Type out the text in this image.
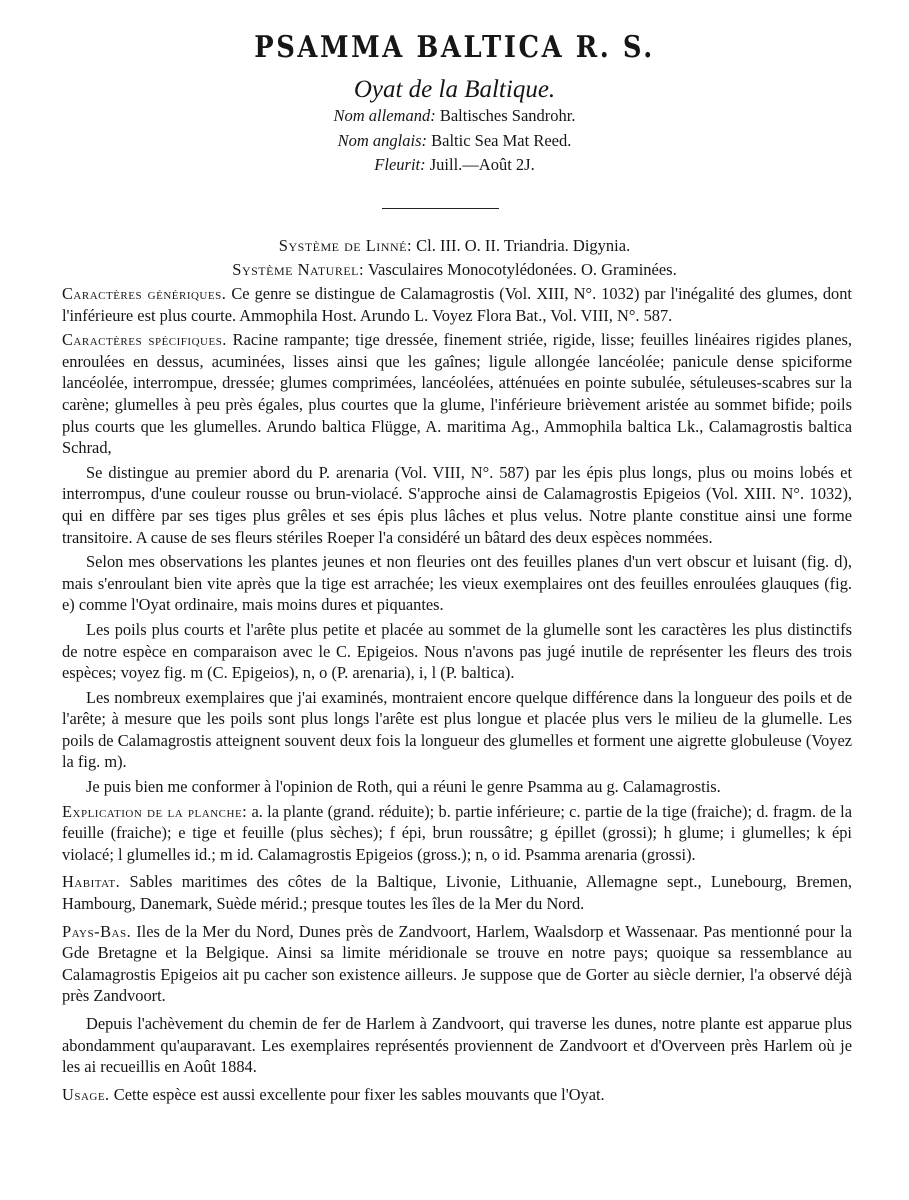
PSAMMA BALTICA R. S.
Oyat de la Baltique.
Nom allemand: Baltisches Sandrohr.
Nom anglais: Baltic Sea Mat Reed.
Fleurit: Juill.—Août 2J.
Système de Linné: Cl. III. O. II. Triandria. Digynia.
Système Naturel: Vasculaires Monocotylédonées. O. Graminées.

Caractères génériques. Ce genre se distingue de Calamagrostis (Vol. XIII, N°. 1032) par l'inégalité des glumes, dont l'inférieure est plus courte. Ammophila Host. Arundo L. Voyez Flora Bat., Vol. VIII, N°. 587.

Caractères spécifiques. Racine rampante; tige dressée, finement striée, rigide, lisse; feuilles linéaires rigides planes, enroulées en dessus, acuminées, lisses ainsi que les gaînes; ligule allongée lancéolée; panicule dense spiciforme lancéolée, interrompue, dressée; glumes comprimées, lancéolées, atténuées en pointe subulée, sétuleuses-scabres sur la carène; glumelles à peu près égales, plus courtes que la glume, l'inférieure brièvement aristée au sommet bifide; poils plus courts que les glumelles. Arundo baltica Flügge, A. maritima Ag., Ammophila baltica Lk., Calamagrostis baltica Schrad,

Se distingue au premier abord du P. arenaria (Vol. VIII, N°. 587) par les épis plus longs, plus ou moins lobés et interrompus, d'une couleur rousse ou brun-violacé. S'approche ainsi de Calamagrostis Epigeios (Vol. XIII. N°. 1032), qui en diffère par ses tiges plus grêles et ses épis plus lâches et plus velus. Notre plante constitue ainsi une forme transitoire. A cause de ses fleurs stériles Roeper l'a considéré un bâtard des deux espèces nommées.

Selon mes observations les plantes jeunes et non fleuries ont des feuilles planes d'un vert obscur et luisant (fig. d), mais s'enroulant bien vite après que la tige est arrachée; les vieux exemplaires ont des feuilles enroulées glauques (fig. e) comme l'Oyat ordinaire, mais moins dures et piquantes.

Les poils plus courts et l'arête plus petite et placée au sommet de la glumelle sont les caractères les plus distinctifs de notre espèce en comparaison avec le C. Epigeios. Nous n'avons pas jugé inutile de représenter les fleurs des trois espèces; voyez fig. m (C. Epigeios), n, o (P. arenaria), i, l (P. baltica).

Les nombreux exemplaires que j'ai examinés, montraient encore quelque différence dans la longueur des poils et de l'arête; à mesure que les poils sont plus longs l'arête est plus longue et placée plus vers le milieu de la glumelle. Les poils de Calamagrostis atteignent souvent deux fois la longueur des glumelles et forment une aigrette globuleuse (Voyez la fig. m).

Je puis bien me conformer à l'opinion de Roth, qui a réuni le genre Psamma au g. Calamagrostis.

Explication de la planche: a. la plante (grand. réduite); b. partie inférieure; c. partie de la tige (fraiche); d. fragm. de la feuille (fraiche); e tige et feuille (plus sèches); f épi, brun roussâtre; g épillet (grossi); h glume; i glumelles; k épi violacé; l glumelles id.; m id. Calamagrostis Epigeios (gross.); n, o id. Psamma arenaria (grossi).

Habitat. Sables maritimes des côtes de la Baltique, Livonie, Lithuanie, Allemagne sept., Lunebourg, Bremen, Hambourg, Danemark, Suède mérid.; presque toutes les îles de la Mer du Nord.

Pays-Bas. Iles de la Mer du Nord, Dunes près de Zandvoort, Harlem, Waalsdorp et Wassenaar. Pas mentionné pour la Gde Bretagne et la Belgique. Ainsi sa limite méridionale se trouve en notre pays; quoique sa ressemblance au Calamagrostis Epigeios ait pu cacher son existence ailleurs. Je suppose que de Gorter au siècle dernier, l'a observé déjà près Zandvoort.

Depuis l'achèvement du chemin de fer de Harlem à Zandvoort, qui traverse les dunes, notre plante est apparue plus abondamment qu'auparavant. Les exemplaires représentés proviennent de Zandvoort et d'Overveen près Harlem où je les ai recueillis en Août 1884.

Usage. Cette espèce est aussi excellente pour fixer les sables mouvants que l'Oyat.
